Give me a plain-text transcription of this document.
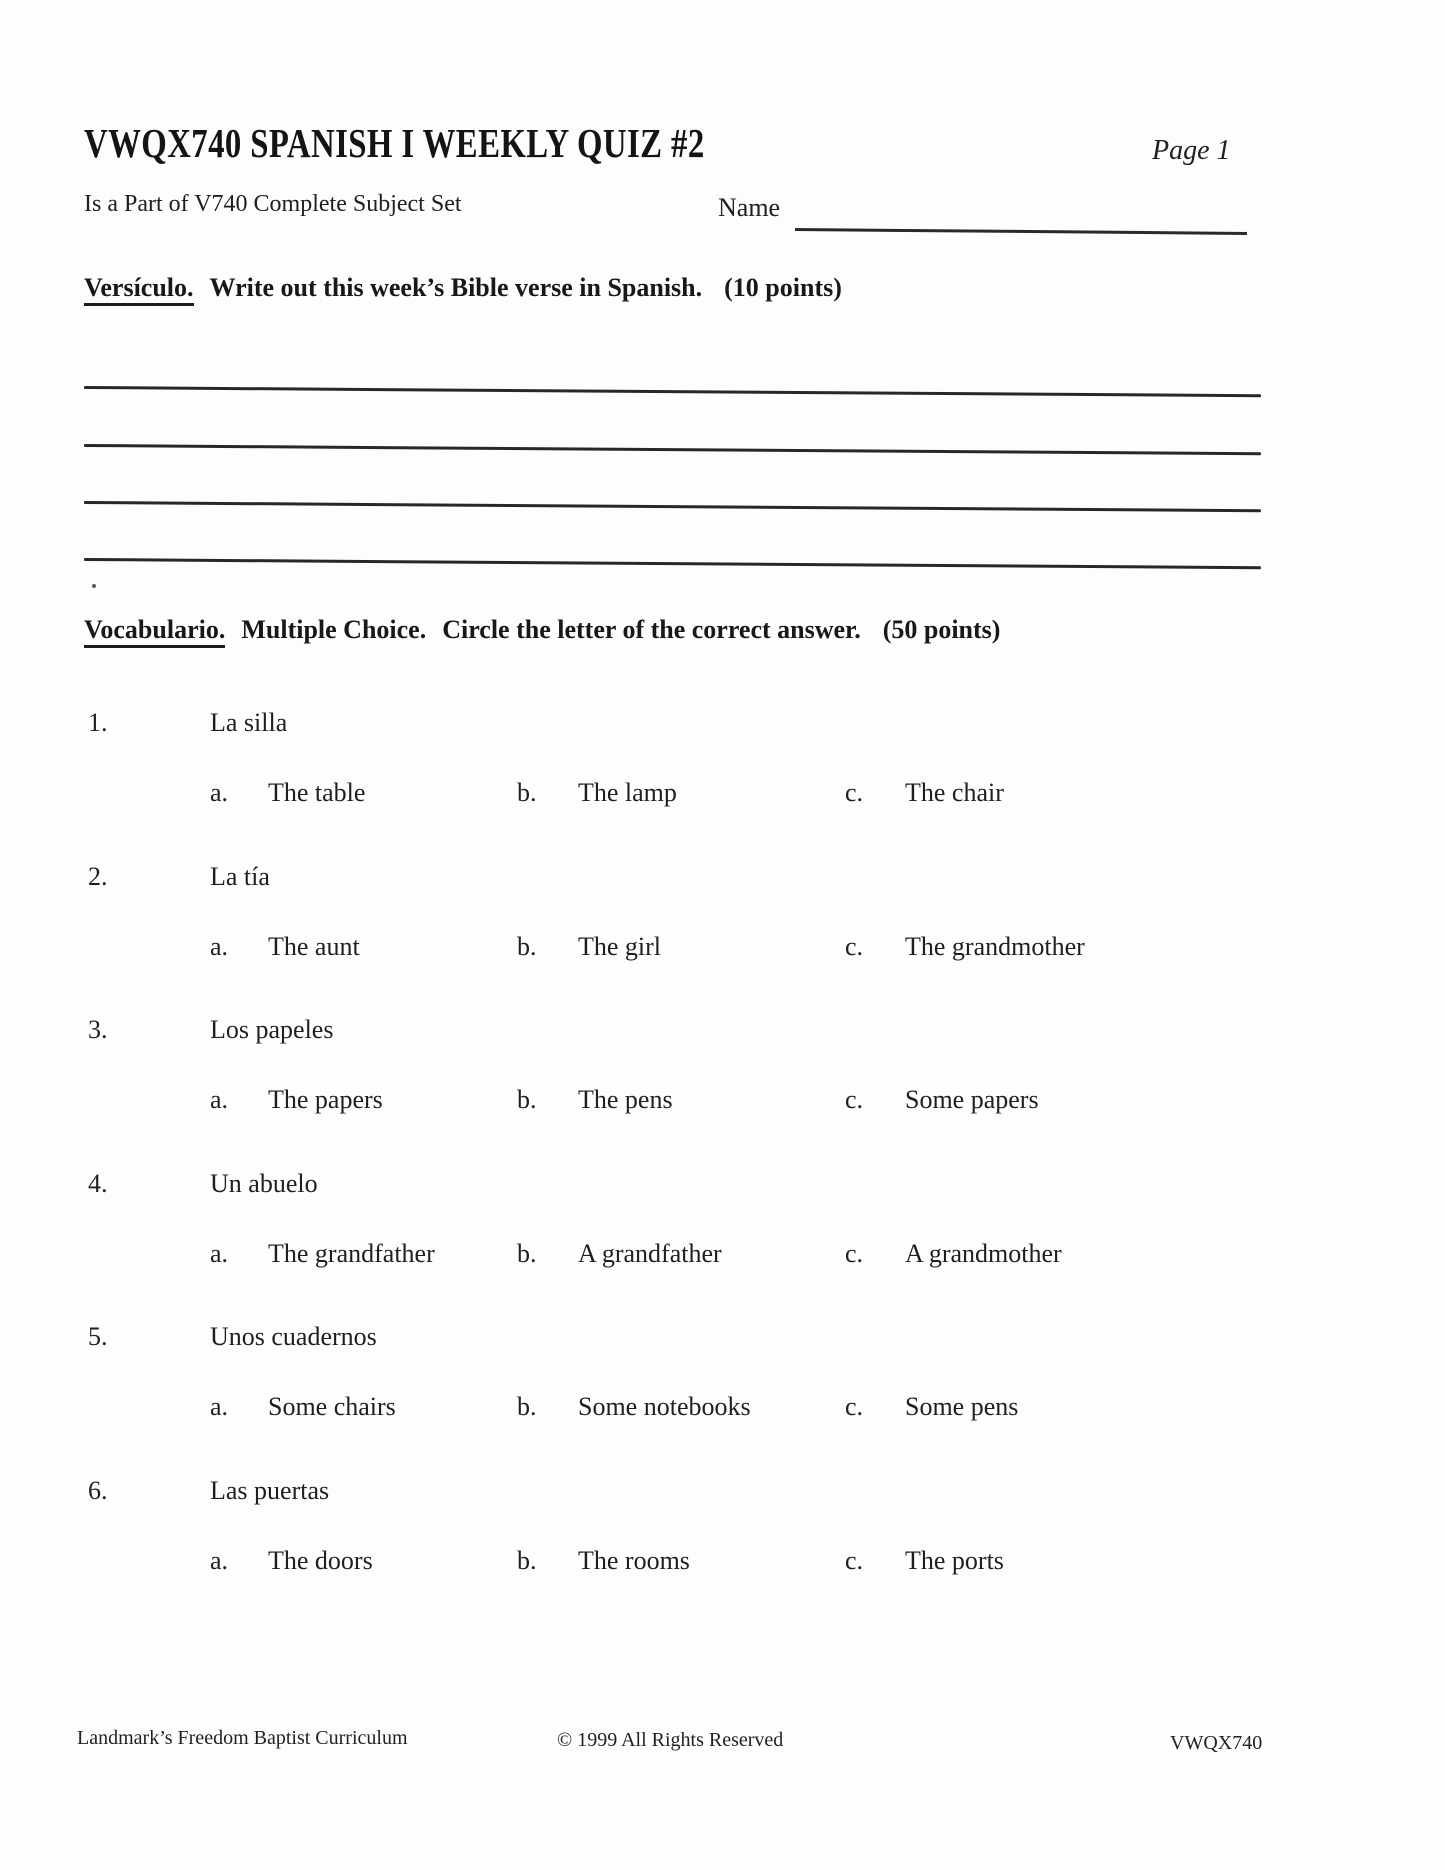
VWQX740 SPANISH I WEEKLY QUIZ #2	Page 1
Is a Part of V740 Complete Subject Set	Name
Versículo. Write out this week’s Bible verse in Spanish. (10 points)
Vocabulario. Multiple Choice. Circle the letter of the correct answer. (50 points)
1.	La silla
a. The table	b. The lamp	c. The chair
2.	La tía
a. The aunt	b. The girl	c. The grandmother
3.	Los papeles
a. The papers	b. The pens	c. Some papers
4.	Un abuelo
a. The grandfather	b. A grandfather	c. A grandmother
5.	Unos cuadernos
a. Some chairs	b. Some notebooks	c. Some pens
6.	Las puertas
a. The doors	b. The rooms	c. The ports
Landmark’s Freedom Baptist Curriculum	© 1999 All Rights Reserved	VWQX740
